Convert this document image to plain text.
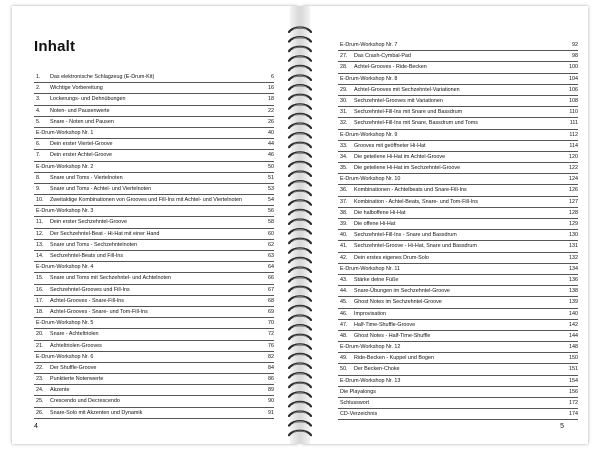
Inhalt
1. Das elektronische Schlagzeug (E-Drum-Kit)	6
2. Wichtige Vorbereitung	16
3. Lockerungs- und Dehnübungen	18
4. Noten- und Pausenwerte	22
5. Snare - Noten und Pausen	26
E-Drum-Workshop Nr. 1	40
6. Dein erster Viertel-Groove	44
7. Dein erster Achtel-Groove	46
E-Drum-Workshop Nr. 2	50
8. Snare und Toms - Viertelnoten	51
9. Snare und Toms - Achtel- und Viertelnoten	53
10. Zweitaktige Kombinationen von Grooves und Fill-Ins mit Achtel- und Viertelnoten	54
E-Drum-Workshop Nr. 3	56
11. Dein erster Sechzehntel-Groove	58
12. Der Sechzehntel-Beat - Hi-Hat mit einer Hand	60
13. Snare und Toms - Sechzehntelnoten	62
14. Sechzehntel-Beats und Fill-Ins	63
E-Drum-Workshop Nr. 4	64
15. Snare und Toms mit Sechzehntel- und Achtelnoten	66
16. Sechzehntel-Grooves und Fill-Ins	67
17. Achtel-Grooves - Snare-Fill-Ins	68
18. Achtel-Grooves - Snare- und Tom-Fill-Ins	69
E-Drum-Workshop Nr. 5	70
20. Snare - Achteltriolen	72
21. Achteltriolen-Grooves	76
E-Drum-Workshop Nr. 6	82
22. Der Shuffle-Groove	84
23. Punktierte Notenwerte	86
24. Akzente	89
25. Crescendo und Decrescendo	90
26. Snare-Solo mit Akzenten und Dynamik	91
4
E-Drum-Workshop Nr. 7	92
27. Das Crash-Cymbal-Pad	98
28. Achtel-Grooves - Ride-Becken	100
E-Drum-Workshop Nr. 8	104
29. Achtel-Grooves mit Sechzehntel-Variationen	106
30. Sechzehntel-Grooves mit Variationen	108
31. Sechzehntel-Fill-Ins mit Snare und Bassdrum	110
32. Sechzehntel-Fill-Ins mit Snare, Bassdrum und Toms	111
E-Drum-Workshop Nr. 9	112
33. Grooves mit geöffneter Hi-Hat	114
34. Die geteilene Hi-Hat im Achtel-Groove	120
35. Die geteilene Hi-Hat im Sechzehntel-Groove	122
E-Drum-Workshop Nr. 10	124
36. Kombinationen - Achtelbeats und Snare-Fill-Ins	126
37. Kombination - Achtel-Beats, Snare- und Tom-Fill-Ins	127
38. Die halboffene Hi-Hat	128
39. Die offene Hi-Hat	129
40. Sechzehntel-Fill-Ins - Snare und Bassdrum	130
41. Sechzehntel-Groove - Hi-Hat, Snare und Bassdrum	131
42. Dein erstes eigenes Drum-Solo	132
E-Drum-Workshop Nr. 11	134
43. Stärke deine Füße	136
44. Snare-Übungen im Sechzehntel-Groove	138
45. Ghost Notes im Sechzehntel-Groove	139
46. Improvisation	140
47. Half-Time-Shuffle-Groove	142
48. Ghost Notes - Half-Time-Shuffle	144
E-Drum-Workshop Nr. 12	148
49. Ride-Becken - Kuppel und Bogen	150
50. Der Becken-Choke	151
E-Drum-Workshop Nr. 13	154
Die Playalongs	156
Schlusswort	172
CD-Verzeichnis	174
5
